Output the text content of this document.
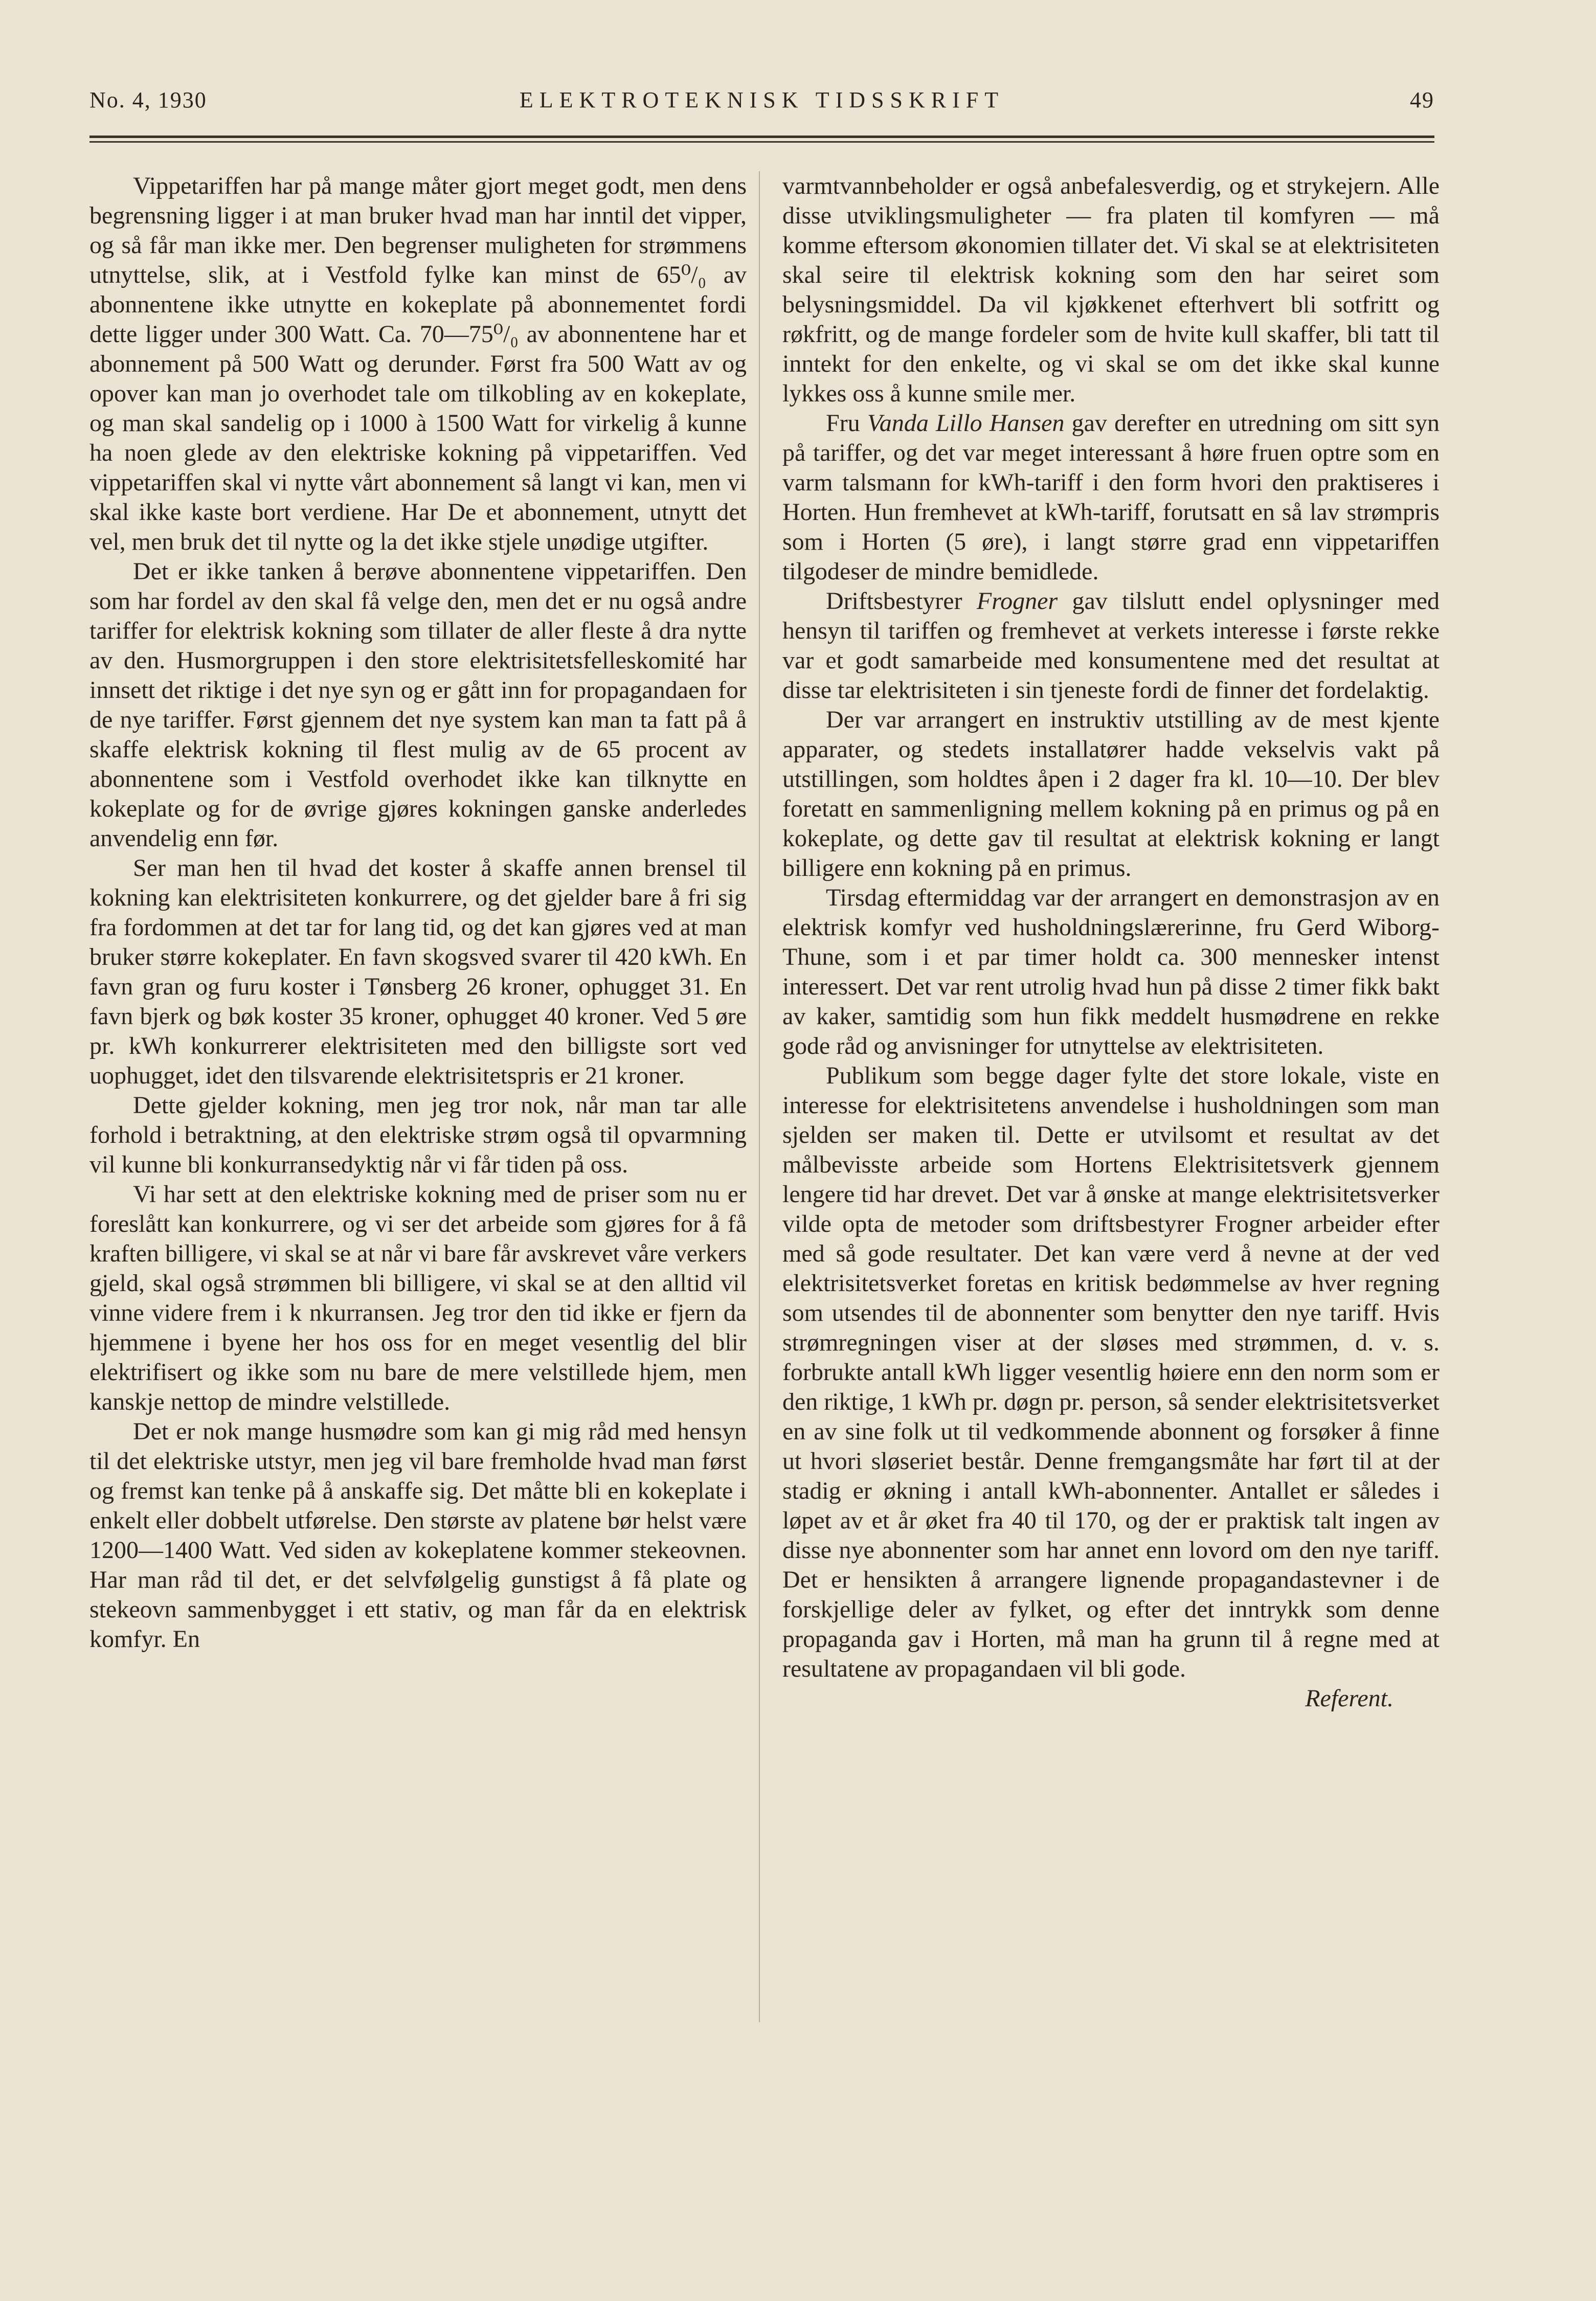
No. 4, 1930	ELEKTROTEKNISK TIDSSKRIFT	49

Vippetariffen har på mange måter gjort meget godt, men dens begrensning ligger i at man bruker hvad man har inntil det vipper, og så får man ikke mer. Den begrenser muligheten for strømmens utnyttelse, slik, at i Vestfold fylke kan minst de 65⁰/₀ av abonnentene ikke utnytte en kokeplate på abonnementet fordi dette ligger under 300 Watt. Ca. 70—75⁰/₀ av abonnentene har et abonnement på 500 Watt og derunder. Først fra 500 Watt av og opover kan man jo overhodet tale om tilkobling av en kokeplate, og man skal sandelig op i 1000 à 1500 Watt for virkelig å kunne ha noen glede av den elektriske kokning på vippetariffen. Ved vippetariffen skal vi nytte vårt abonnement så langt vi kan, men vi skal ikke kaste bort verdiene. Har De et abonnement, utnytt det vel, men bruk det til nytte og la det ikke stjele unødige utgifter.

Det er ikke tanken å berøve abonnentene vippetariffen. Den som har fordel av den skal få velge den, men det er nu også andre tariffer for elektrisk kokning som tillater de aller fleste å dra nytte av den. Husmorgruppen i den store elektrisitetsfelleskomité har innsett det riktige i det nye syn og er gått inn for propagandaen for de nye tariffer. Først gjennem det nye system kan man ta fatt på å skaffe elektrisk kokning til flest mulig av de 65 procent av abonnentene som i Vestfold overhodet ikke kan tilknytte en kokeplate og for de øvrige gjøres kokningen ganske anderledes anvendelig enn før.

Ser man hen til hvad det koster å skaffe annen brensel til kokning kan elektrisiteten konkurrere, og det gjelder bare å fri sig fra fordommen at det tar for lang tid, og det kan gjøres ved at man bruker større kokeplater. En favn skogsved svarer til 420 kWh. En favn gran og furu koster i Tønsberg 26 kroner, ophugget 31. En favn bjerk og bøk koster 35 kroner, ophugget 40 kroner. Ved 5 øre pr. kWh konkurrerer elektrisiteten med den billigste sort ved uophugget, idet den tilsvarende elektrisitetspris er 21 kroner.

Dette gjelder kokning, men jeg tror nok, når man tar alle forhold i betraktning, at den elektriske strøm også til opvarmning vil kunne bli konkurransedyktig når vi får tiden på oss.

Vi har sett at den elektriske kokning med de priser som nu er foreslått kan konkurrere, og vi ser det arbeide som gjøres for å få kraften billigere, vi skal se at når vi bare får avskrevet våre verkers gjeld, skal også strømmen bli billigere, vi skal se at den alltid vil vinne videre frem i k nkurransen. Jeg tror den tid ikke er fjern da hjemmene i byene her hos oss for en meget vesentlig del blir elektrifisert og ikke som nu bare de mere velstillede hjem, men kanskje nettop de mindre velstillede.

Det er nok mange husmødre som kan gi mig råd med hensyn til det elektriske utstyr, men jeg vil bare fremholde hvad man først og fremst kan tenke på å anskaffe sig. Det måtte bli en kokeplate i enkelt eller dobbelt utførelse. Den største av platene bør helst være 1200—1400 Watt. Ved siden av kokeplatene kommer stekeovnen. Har man råd til det, er det selvfølgelig gunstigst å få plate og stekeovn sammenbygget i ett stativ, og man får da en elektrisk komfyr. En

varmtvannbeholder er også anbefalesverdig, og et strykejern. Alle disse utviklingsmuligheter — fra platen til komfyren — må komme eftersom økonomien tillater det. Vi skal se at elektrisiteten skal seire til elektrisk kokning som den har seiret som belysningsmiddel. Da vil kjøkkenet efterhvert bli sotfritt og røkfritt, og de mange fordeler som de hvite kull skaffer, bli tatt til inntekt for den enkelte, og vi skal se om det ikke skal kunne lykkes oss å kunne smile mer.

Fru Vanda Lillo Hansen gav derefter en utredning om sitt syn på tariffer, og det var meget interessant å høre fruen optre som en varm talsmann for kWh-tariff i den form hvori den praktiseres i Horten. Hun fremhevet at kWh-tariff, forutsatt en så lav strømpris som i Horten (5 øre), i langt større grad enn vippetariffen tilgodeser de mindre bemidlede.

Driftsbestyrer Frogner gav tilslutt endel oplysninger med hensyn til tariffen og fremhevet at verkets interesse i første rekke var et godt samarbeide med konsumentene med det resultat at disse tar elektrisiteten i sin tjeneste fordi de finner det fordelaktig.

Der var arrangert en instruktiv utstilling av de mest kjente apparater, og stedets installatører hadde vekselvis vakt på utstillingen, som holdtes åpen i 2 dager fra kl. 10—10. Der blev foretatt en sammenligning mellem kokning på en primus og på en kokeplate, og dette gav til resultat at elektrisk kokning er langt billigere enn kokning på en primus.

Tirsdag eftermiddag var der arrangert en demonstrasjon av en elektrisk komfyr ved husholdningslærerinne, fru Gerd Wiborg-Thune, som i et par timer holdt ca. 300 mennesker intenst interessert. Det var rent utrolig hvad hun på disse 2 timer fikk bakt av kaker, samtidig som hun fikk meddelt husmødrene en rekke gode råd og anvisninger for utnyttelse av elektrisiteten.

Publikum som begge dager fylte det store lokale, viste en interesse for elektrisitetens anvendelse i husholdningen som man sjelden ser maken til. Dette er utvilsomt et resultat av det målbevisste arbeide som Hortens Elektrisitetsverk gjennem lengere tid har drevet. Det var å ønske at mange elektrisitetsverker vilde opta de metoder som driftsbestyrer Frogner arbeider efter med så gode resultater. Det kan være verd å nevne at der ved elektrisitetsverket foretas en kritisk bedømmelse av hver regning som utsendes til de abonnenter som benytter den nye tariff. Hvis strømregningen viser at der sløses med strømmen, d. v. s. forbrukte antall kWh ligger vesentlig høiere enn den norm som er den riktige, 1 kWh pr. døgn pr. person, så sender elektrisitetsverket en av sine folk ut til vedkommende abonnent og forsøker å finne ut hvori sløseriet består. Denne fremgangsmåte har ført til at der stadig er økning i antall kWh-abonnenter. Antallet er således i løpet av et år øket fra 40 til 170, og der er praktisk talt ingen av disse nye abonnenter som har annet enn lovord om den nye tariff. Det er hensikten å arrangere lignende propagandastevner i de forskjellige deler av fylket, og efter det inntrykk som denne propaganda gav i Horten, må man ha grunn til å regne med at resultatene av propagandaen vil bli gode.

Referent.
